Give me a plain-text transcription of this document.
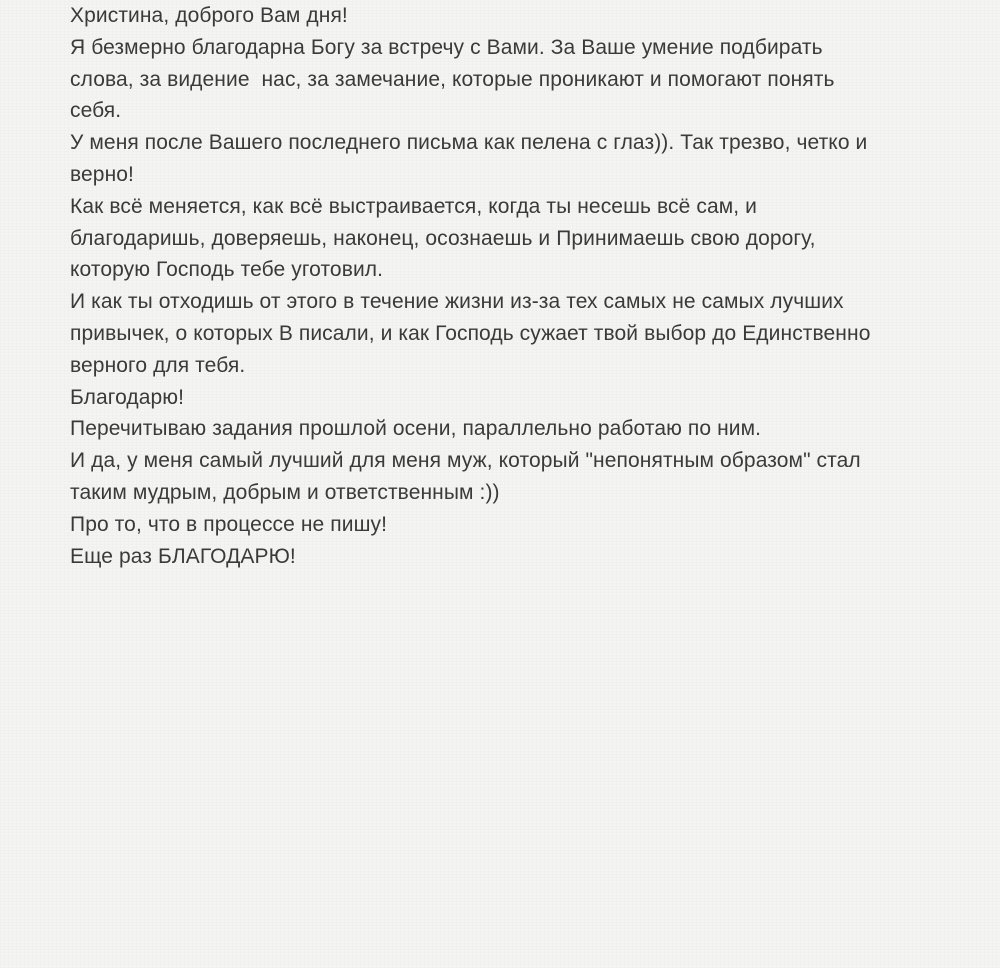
Христина, доброго Вам дня!

Я безмерно благодарна Богу за встречу с Вами. За Ваше умение подбирать

слова, за видение  нас, за замечание, которые проникают и помогают понять

себя.

У меня после Вашего последнего письма как пелена с глаз)). Так трезво, четко и

верно!

Как всё меняется, как всё выстраивается, когда ты несешь всё сам, и

благодаришь, доверяешь, наконец, осознаешь и Принимаешь свою дорогу,

которую Господь тебе уготовил.

И как ты отходишь от этого в течение жизни из-за тех самых не самых лучших

привычек, о которых В писали, и как Господь сужает твой выбор до Единственно

верного для тебя.

Благодарю!

Перечитываю задания прошлой осени, параллельно работаю по ним.

И да, у меня самый лучший для меня муж, который "непонятным образом" стал

таким мудрым, добрым и ответственным :))

Про то, что в процессе не пишу!

Еще раз БЛАГОДАРЮ!
